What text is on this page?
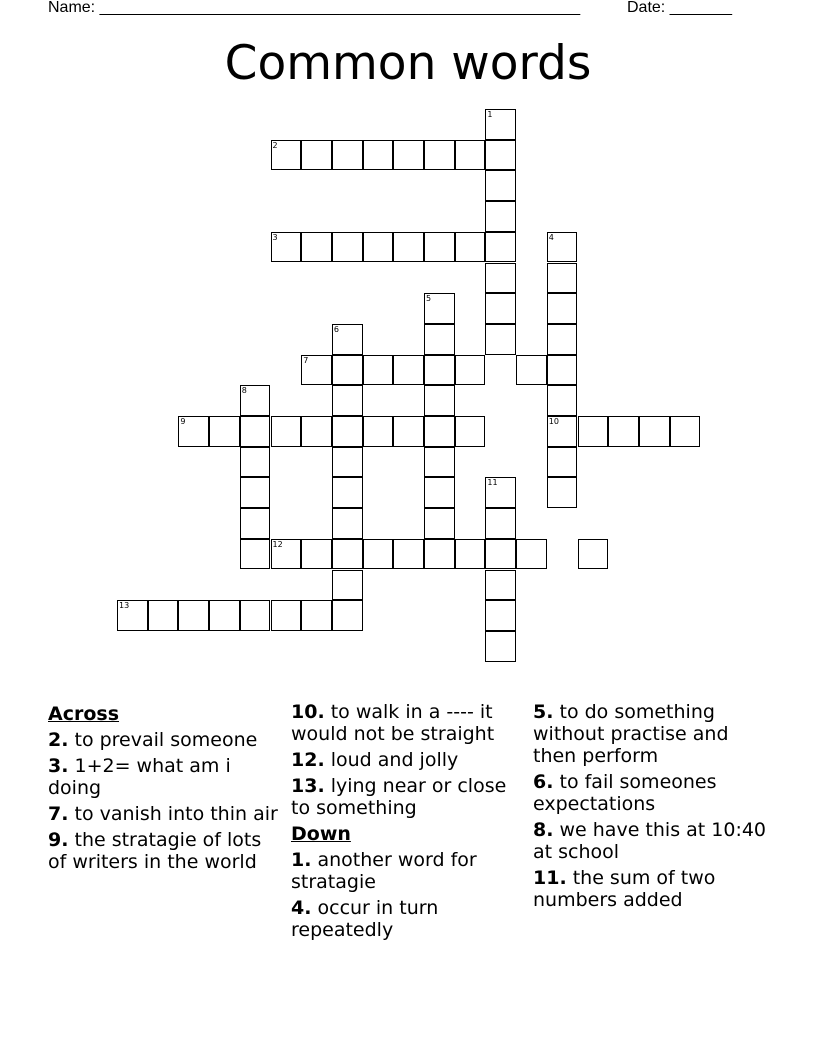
Name: ______________________________________________________	Date: _______
Common words
1
2
3	4
10
5
6
7
8
9
11
12
13
Across
2. to prevail someone
3. 1+2= what am i doing
7. to vanish into thin air
9. the stratagie of lots of writers in the world
10. to walk in a ---- it would not be straight
12. loud and jolly
13. lying near or close to something
Down
1. another word for stratagie
4. occur in turn repeatedly
5. to do something without practise and then perform
6. to fail someones expectations
8. we have this at 10:40 at school
11. the sum of two numbers added
